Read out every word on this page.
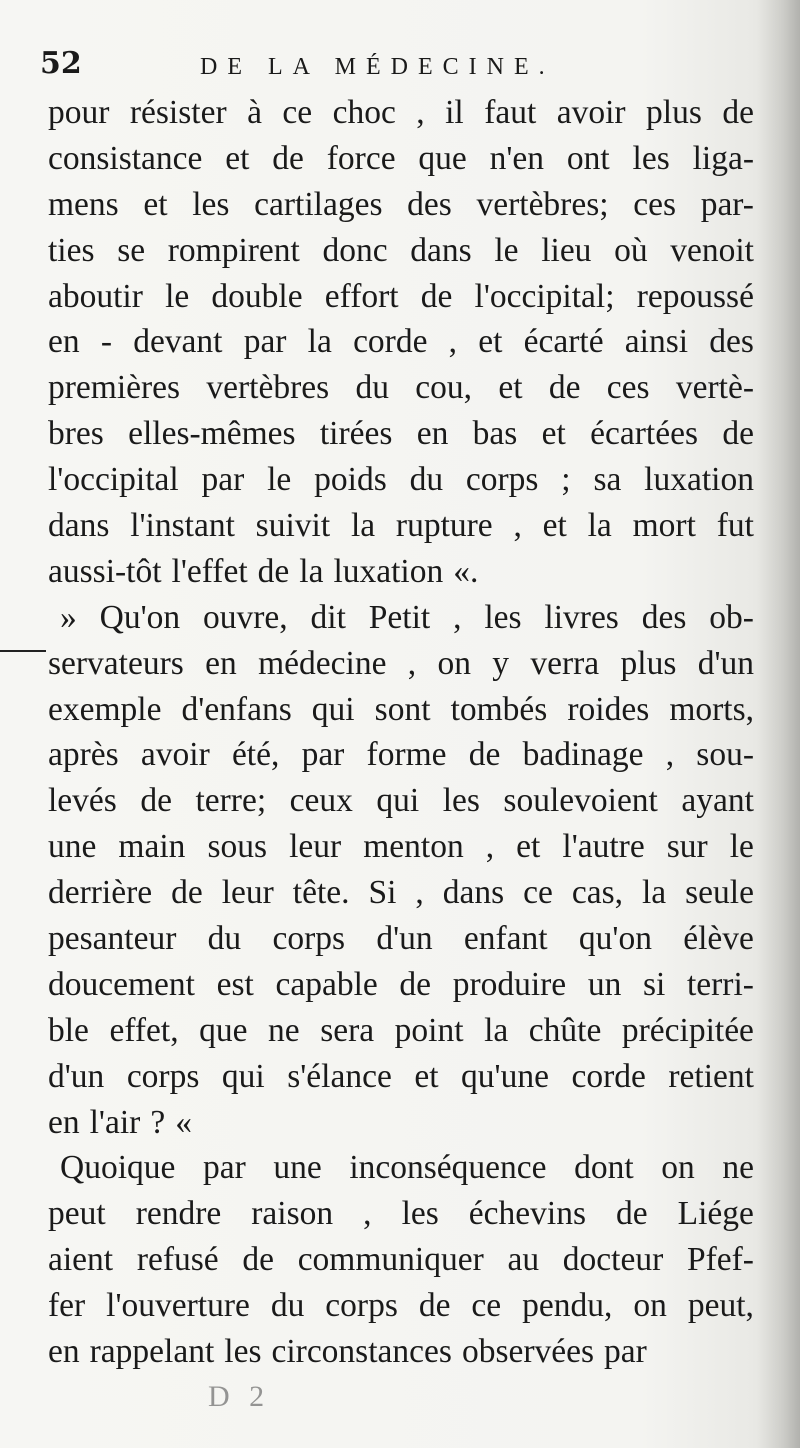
52	DE LA MÉDECINE.
pour résister à ce choc , il faut avoir plus de
consistance et de force que n'en ont les liga-
mens et les cartilages des vertèbres; ces par-
ties se rompirent donc dans le lieu où venoit
aboutir le double effort de l'occipital; repoussé
en - devant par la corde , et écarté ainsi des
premières vertèbres du cou, et de ces vertè-
bres elles-mêmes tirées en bas et écartées de
l'occipital par le poids du corps ; sa luxation
dans l'instant suivit la rupture , et la mort fut
aussi-tôt l'effet de la luxation «.
» Qu'on ouvre, dit Petit , les livres des ob-
servateurs en médecine , on y verra plus d'un
exemple d'enfans qui sont tombés roides morts,
après avoir été, par forme de badinage , sou-
levés de terre; ceux qui les soulevoient ayant
une main sous leur menton , et l'autre sur le
derrière de leur tête. Si , dans ce cas, la seule
pesanteur du corps d'un enfant qu'on élève
doucement est capable de produire un si terri-
ble effet, que ne sera point la chûte précipitée
d'un corps qui s'élance et qu'une corde retient
en l'air ? «
Quoique par une inconséquence dont on ne
peut rendre raison , les échevins de Liége
aient refusé de communiquer au docteur Pfef-
fer l'ouverture du corps de ce pendu, on peut,
en rappelant les circonstances observées par
D 2
